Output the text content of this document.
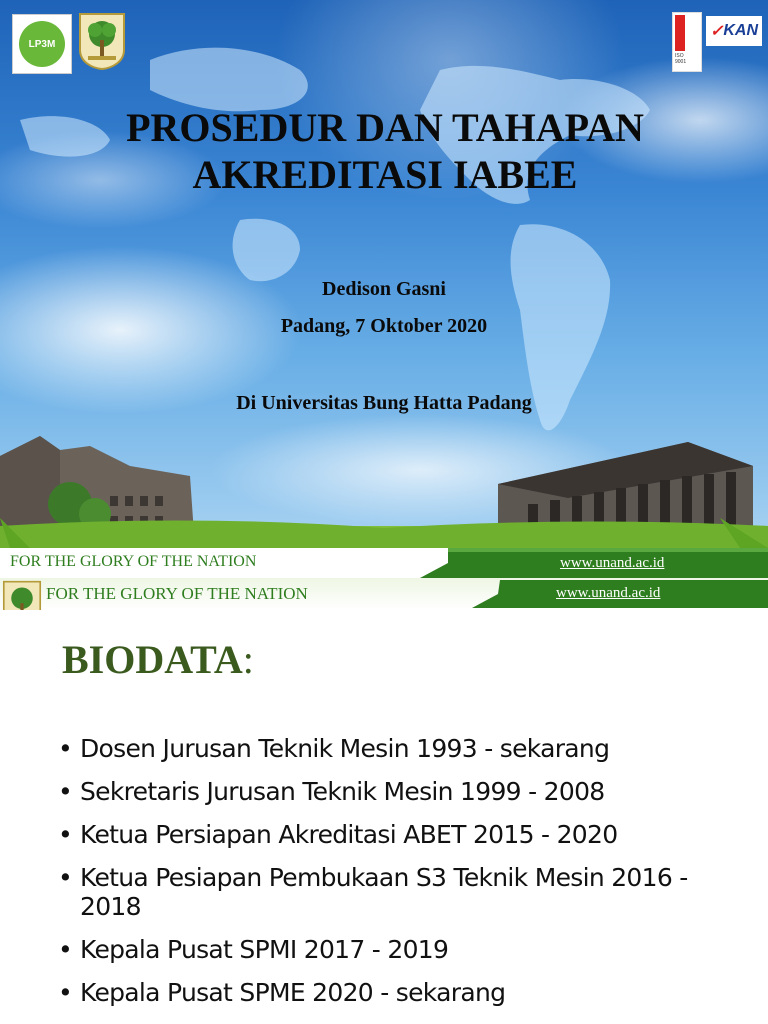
LP3M
ISO
9001
✓ KAN
PROSEDUR DAN TAHAPAN
AKREDITASI IABEE
Dedison Gasni
Padang, 7 Oktober 2020
Di Universitas Bung Hatta Padang
FOR THE GLORY OF THE NATION	www.unand.ac.id
FOR THE GLORY OF THE NATION	www.unand.ac.id
BIODATA:
• Dosen Jurusan Teknik Mesin 1993 - sekarang
• Sekretaris Jurusan Teknik Mesin 1999 - 2008
• Ketua Persiapan Akreditasi ABET 2015 - 2020
• Ketua Pesiapan Pembukaan S3 Teknik Mesin 2016 - 2018
• Kepala Pusat SPMI 2017 - 2019
• Kepala Pusat SPME 2020 - sekarang
